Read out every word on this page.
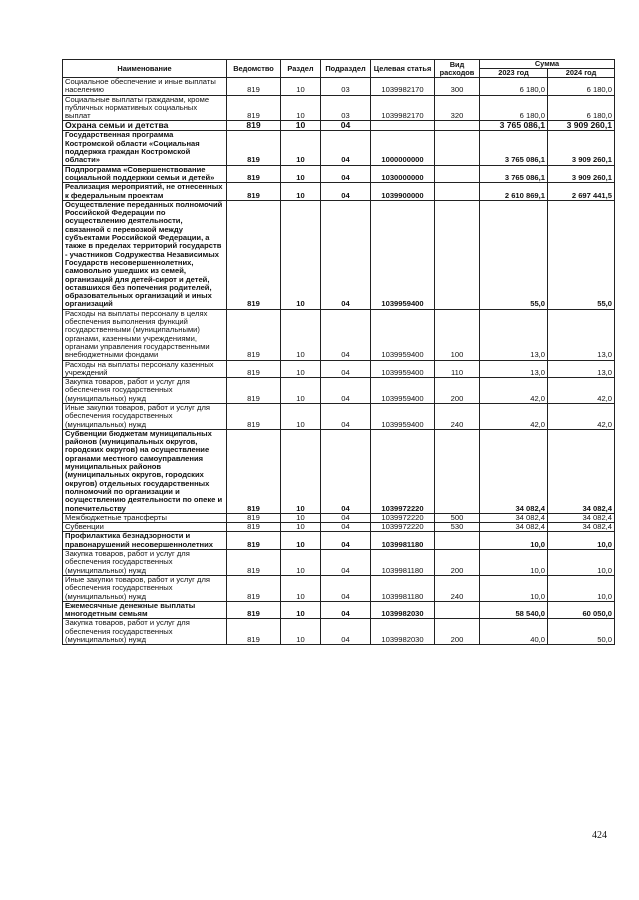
Наименование	Ведомство	Раздел	Подраздел	Целевая статья	Вид расходов	Сумма	
						2023 год	2024 год
Социальное обеспечение и иные выплаты населению	819	10	03	1039982170	300	6 180,0	6 180,0
Социальные выплаты гражданам, кроме публичных нормативных социальных выплат	819	10	03	1039982170	320	6 180,0	6 180,0
Охрана семьи и детства	819	10	04			3 765 086,1	3 909 260,1
Государственная программа Костромской области «Социальная поддержка граждан Костромской области»	819	10	04	1000000000		3 765 086,1	3 909 260,1
Подпрограмма «Совершенствование социальной поддержки семьи и детей»	819	10	04	1030000000		3 765 086,1	3 909 260,1
Реализация мероприятий, не отнесенных к федеральным проектам	819	10	04	1039900000		2 610 869,1	2 697 441,5
Осуществление переданных полномочий Российской Федерации по осуществлению деятельности, связанной с перевозкой между субъектами Российской Федерации, а также в пределах территорий государств - участников Содружества Независимых Государств несовершеннолетних, самовольно ушедших из семей, организаций для детей-сирот и детей, оставшихся без попечения родителей, образовательных организаций и иных организаций	819	10	04	1039959400		55,0	55,0
Расходы на выплаты персоналу в целях обеспечения выполнения функций государственными (муниципальными) органами, казенными учреждениями, органами управления государственными внебюджетными фондами	819	10	04	1039959400	100	13,0	13,0
Расходы на выплаты персоналу казенных учреждений	819	10	04	1039959400	110	13,0	13,0
Закупка товаров, работ и услуг для обеспечения государственных (муниципальных) нужд	819	10	04	1039959400	200	42,0	42,0
Иные закупки товаров, работ и услуг для обеспечения государственных (муниципальных) нужд	819	10	04	1039959400	240	42,0	42,0
Субвенции бюджетам муниципальных районов (муниципальных округов, городских округов) на осуществление органами местного самоуправления муниципальных районов (муниципальных округов, городских округов) отдельных государственных полномочий по организации и осуществлению деятельности по опеке и попечительству	819	10	04	1039972220		34 082,4	34 082,4
Межбюджетные трансферты	819	10	04	1039972220	500	34 082,4	34 082,4
Субвенции	819	10	04	1039972220	530	34 082,4	34 082,4
Профилактика безнадзорности и правонарушений несовершеннолетних	819	10	04	1039981180		10,0	10,0
Закупка товаров, работ и услуг для обеспечения государственных (муниципальных) нужд	819	10	04	1039981180	200	10,0	10,0
Иные закупки товаров, работ и услуг для обеспечения государственных (муниципальных) нужд	819	10	04	1039981180	240	10,0	10,0
Ежемесячные денежные выплаты многодетным семьям	819	10	04	1039982030		58 540,0	60 050,0
Закупка товаров, работ и услуг для обеспечения государственных (муниципальных) нужд	819	10	04	1039982030	200	40,0	50,0
424
